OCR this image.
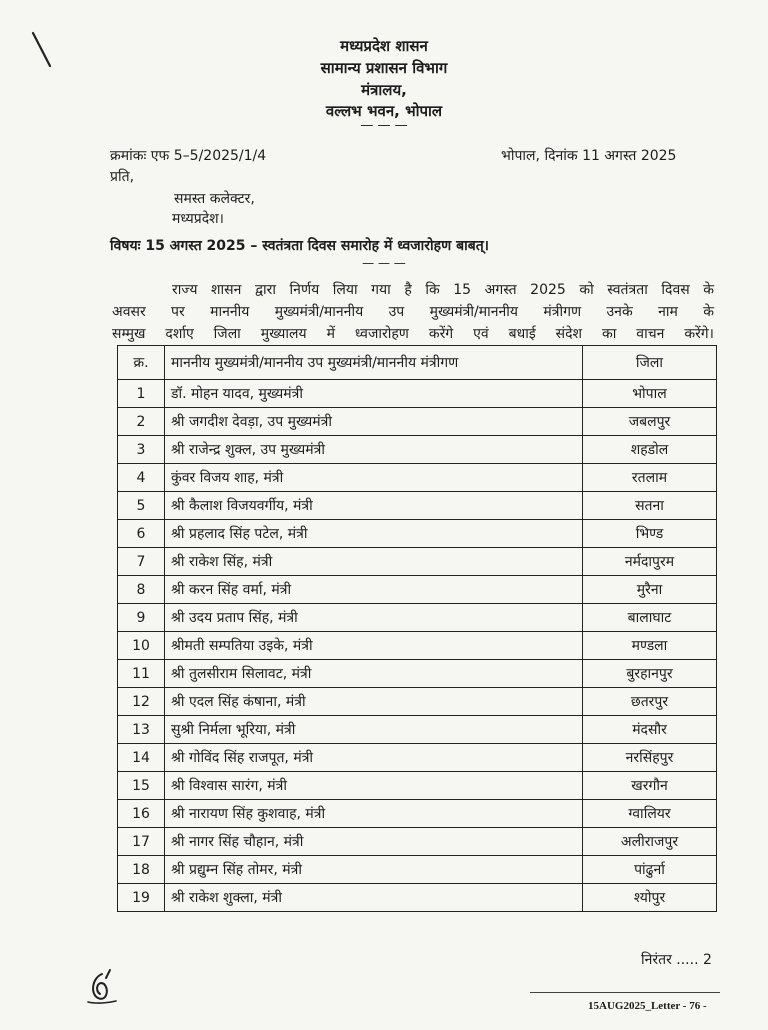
मध्यप्रदेश शासन
सामान्य प्रशासन विभाग
मंत्रालय,
वल्लभ भवन, भोपाल
— — —
क्रमांकः एफ 5–5/2025/1/4	भोपाल, दिनांक 11 अगस्त 2025
प्रति,
समस्त कलेक्टर,
मध्यप्रदेश।
विषयः 15 अगस्त 2025 – स्वतंत्रता दिवस समारोह में ध्वजारोहण बाबत्।
— — —
राज्य शासन द्वारा निर्णय लिया गया है कि 15 अगस्त 2025 को स्वतंत्रता दिवस के
अवसर पर माननीय मुख्यमंत्री/माननीय उप मुख्यमंत्री/माननीय मंत्रीगण उनके नाम के
सम्मुख दर्शाए जिला मुख्यालय में ध्वजारोहण करेंगे एवं बधाई संदेश का वाचन करेंगे।
क्र.	माननीय मुख्यमंत्री/माननीय उप मुख्यमंत्री/माननीय मंत्रीगण	जिला
1	डॉ. मोहन यादव, मुख्यमंत्री	भोपाल
2	श्री जगदीश देवड़ा, उप मुख्यमंत्री	जबलपुर
3	श्री राजेन्द्र शुक्ल, उप मुख्यमंत्री	शहडोल
4	कुंवर विजय शाह, मंत्री	रतलाम
5	श्री कैलाश विजयवर्गीय, मंत्री	सतना
6	श्री प्रहलाद सिंह पटेल, मंत्री	भिण्ड
7	श्री राकेश सिंह, मंत्री	नर्मदापुरम
8	श्री करन सिंह वर्मा, मंत्री	मुरैना
9	श्री उदय प्रताप सिंह, मंत्री	बालाघाट
10	श्रीमती सम्पतिया उइके, मंत्री	मण्डला
11	श्री तुलसीराम सिलावट, मंत्री	बुरहानपुर
12	श्री एदल सिंह कंषाना, मंत्री	छतरपुर
13	सुश्री निर्मला भूरिया, मंत्री	मंदसौर
14	श्री गोविंद सिंह राजपूत, मंत्री	नरसिंहपुर
15	श्री विश्वास सारंग, मंत्री	खरगौन
16	श्री नारायण सिंह कुशवाह, मंत्री	ग्वालियर
17	श्री नागर सिंह चौहान, मंत्री	अलीराजपुर
18	श्री प्रद्युम्न सिंह तोमर, मंत्री	पांढुर्ना
19	श्री राकेश शुक्ला, मंत्री	श्योपुर
निरंतर ..... 2
15AUG2025_Letter - 76 -
